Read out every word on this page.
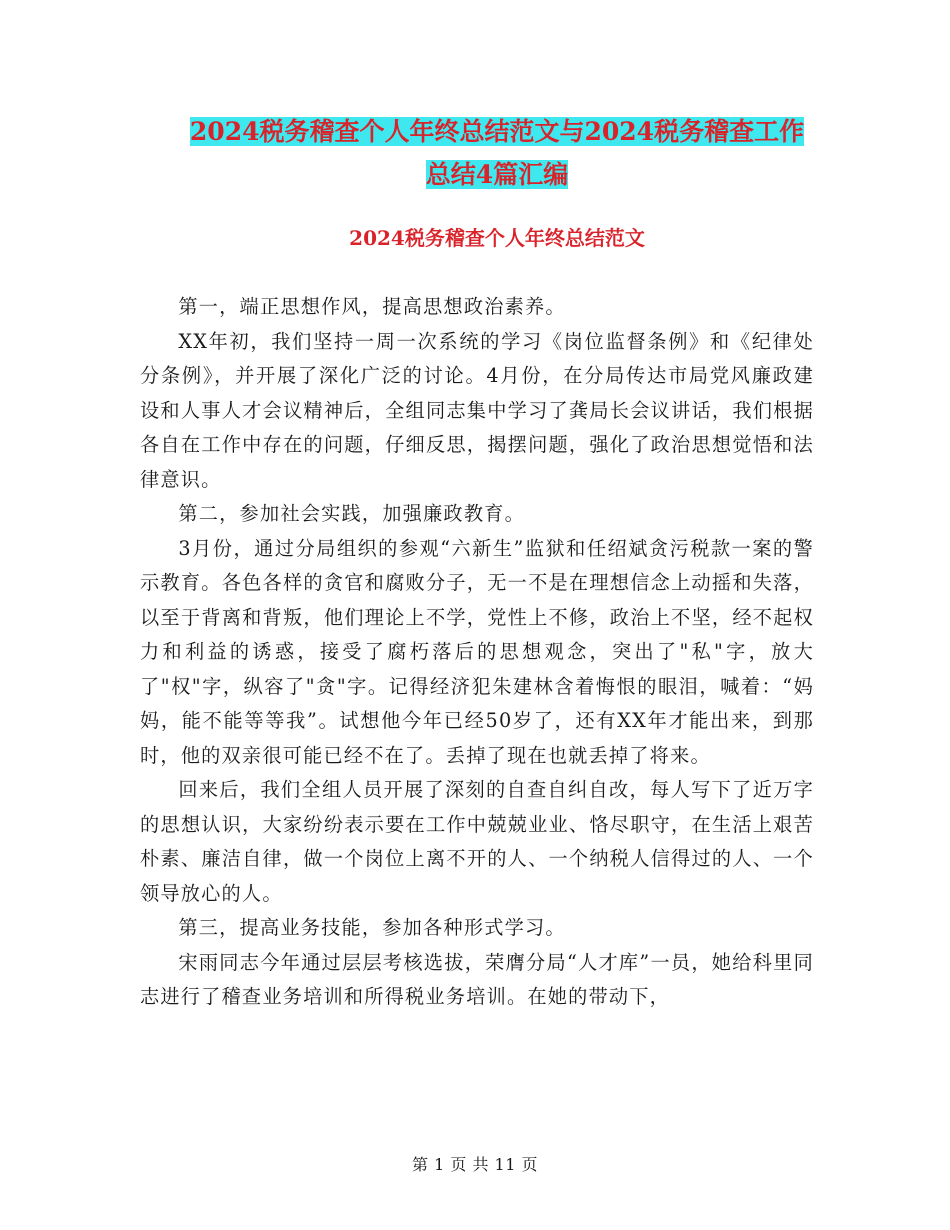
2024税务稽查个人年终总结范文与2024税务稽查工作
总结4篇汇编
2024税务稽查个人年终总结范文

第一，端正思想作风，提高思想政治素养。

XX年初，我们坚持一周一次系统的学习《岗位监督条例》和《纪律处分条例》，并开展了深化广泛的讨论。4月份，在分局传达市局党风廉政建设和人事人才会议精神后，全组同志集中学习了龚局长会议讲话，我们根据各自在工作中存在的问题，仔细反思，揭摆问题，强化了政治思想觉悟和法律意识。

第二，参加社会实践，加强廉政教育。

3月份，通过分局组织的参观“六新生”监狱和任绍斌贪污税款一案的警示教育。各色各样的贪官和腐败分子，无一不是在理想信念上动摇和失落，以至于背离和背叛，他们理论上不学，党性上不修，政治上不坚，经不起权力和利益的诱惑，接受了腐朽落后的思想观念，突出了"私"字，放大了"权"字，纵容了"贪"字。记得经济犯朱建林含着悔恨的眼泪，喊着：“妈妈，能不能等等我”。试想他今年已经50岁了，还有XX年才能出来，到那时，他的双亲很可能已经不在了。丢掉了现在也就丢掉了将来。

回来后，我们全组人员开展了深刻的自查自纠自改，每人写下了近万字的思想认识，大家纷纷表示要在工作中兢兢业业、恪尽职守，在生活上艰苦朴素、廉洁自律，做一个岗位上离不开的人、一个纳税人信得过的人、一个领导放心的人。

第三，提高业务技能，参加各种形式学习。

宋雨同志今年通过层层考核选拔，荣膺分局“人才库”一员，她给科里同志进行了稽查业务培训和所得税业务培训。在她的带动下，

第 1 页 共 11 页
